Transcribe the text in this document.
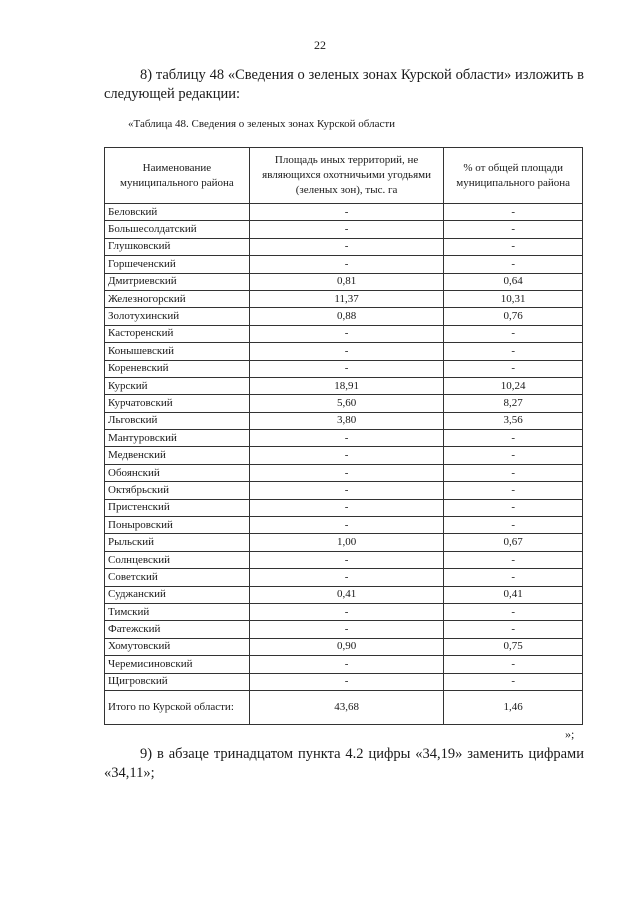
22
8) таблицу 48 «Сведения о зеленых зонах Курской области» изложить в следующей редакции:
«Таблица 48. Сведения о зеленых зонах Курской области
Наименование муниципального района	Площадь иных территорий, не являющихся охотничьими угодьями (зеленых зон), тыс. га	% от общей площади муниципального района
Беловский	-	-
Большесолдатский	-	-
Глушковский	-	-
Горшеченский	-	-
Дмитриевский	0,81	0,64
Железногорский	11,37	10,31
Золотухинский	0,88	0,76
Касторенский	-	-
Конышевский	-	-
Кореневский	-	-
Курский	18,91	10,24
Курчатовский	5,60	8,27
Льговский	3,80	3,56
Мантуровский	-	-
Медвенский	-	-
Обоянский	-	-
Октябрьский	-	-
Пристенский	-	-
Поныровский	-	-
Рыльский	1,00	0,67
Солнцевский	-	-
Советский	-	-
Суджанский	0,41	0,41
Тимский	-	-
Фатежский	-	-
Хомутовский	0,90	0,75
Черемисиновский	-	-
Щигровский	-	-
Итого по Курской области:	43,68	1,46
»;
9) в абзаце тринадцатом пункта 4.2 цифры «34,19» заменить цифрами «34,11»;
